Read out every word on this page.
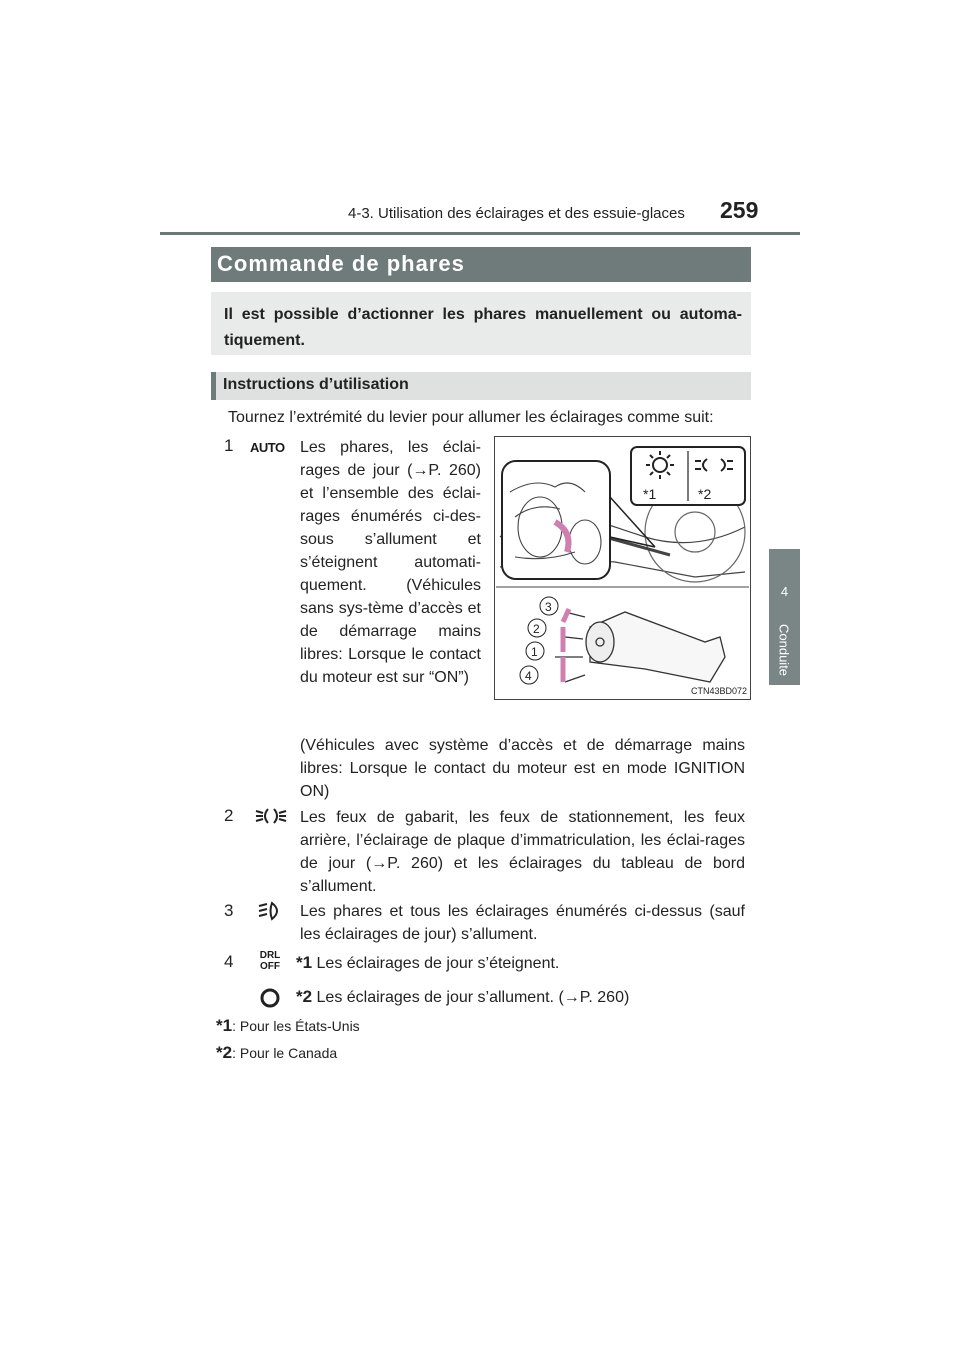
4-3. Utilisation des éclairages et des essuie-glaces 259
4
Conduite
Commande de phares
Il est possible d’actionner les phares manuellement ou automa-tiquement.
Instructions d’utilisation
Tournez l’extrémité du levier pour allumer les éclairages comme suit:
1 AUTO Les phares, les éclai-rages de jour (→P. 260) et l’ensemble des éclai-rages énumérés ci-des-sous s’allument et s’éteignent automati-quement. (Véhicules sans sys-tème d’accès et de démarrage mains libres: Lorsque le contact du moteur est sur “ON”)
(Véhicules avec système d’accès et de démarrage mains libres: Lorsque le contact du moteur est en mode IGNITION ON)
*1	*2
3
2
1
4
CTN43BD072
2	Les feux de gabarit, les feux de stationnement, les feux arrière, l’éclairage de plaque d’immatriculation, les éclai-rages de jour (→P. 260) et les éclairages du tableau de bord s’allument.
3	Les phares et tous les éclairages énumérés ci-dessus (sauf les éclairages de jour) s’allument.
4	DRL OFF *1 Les éclairages de jour s’éteignent.
*2 Les éclairages de jour s’allument. (→P. 260)
*1: Pour les États-Unis
*2: Pour le Canada
